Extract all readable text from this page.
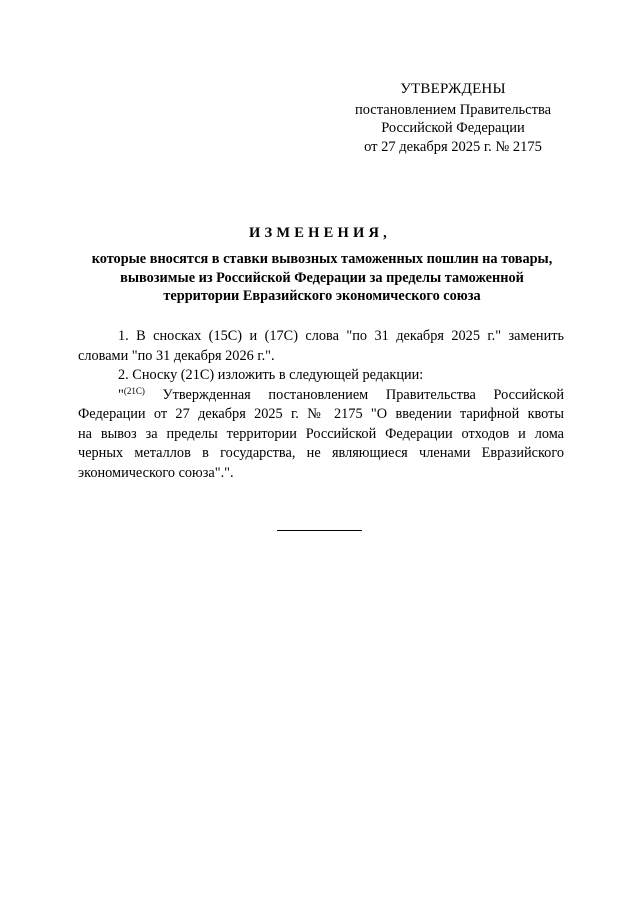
УТВЕРЖДЕНЫ
постановлением Правительства
Российской Федерации
от 27 декабря 2025 г. № 2175
ИЗМЕНЕНИЯ,
которые вносятся в ставки вывозных таможенных пошлин на товары,
вывозимые из Российской Федерации за пределы таможенной
территории Евразийского экономического союза
1. В сносках (15С) и (17С) слова "по 31 декабря 2025 г." заменить
словами "по 31 декабря 2026 г.".
2. Сноску (21С) изложить в следующей редакции:
"$^{(21С)}$ Утвержденная постановлением Правительства Российской
Федерации от 27 декабря 2025 г. № 2175 "О введении тарифной квоты
на вывоз за пределы территории Российской Федерации отходов и лома
черных металлов в государства, не являющиеся членами Евразийского
экономического союза".".
